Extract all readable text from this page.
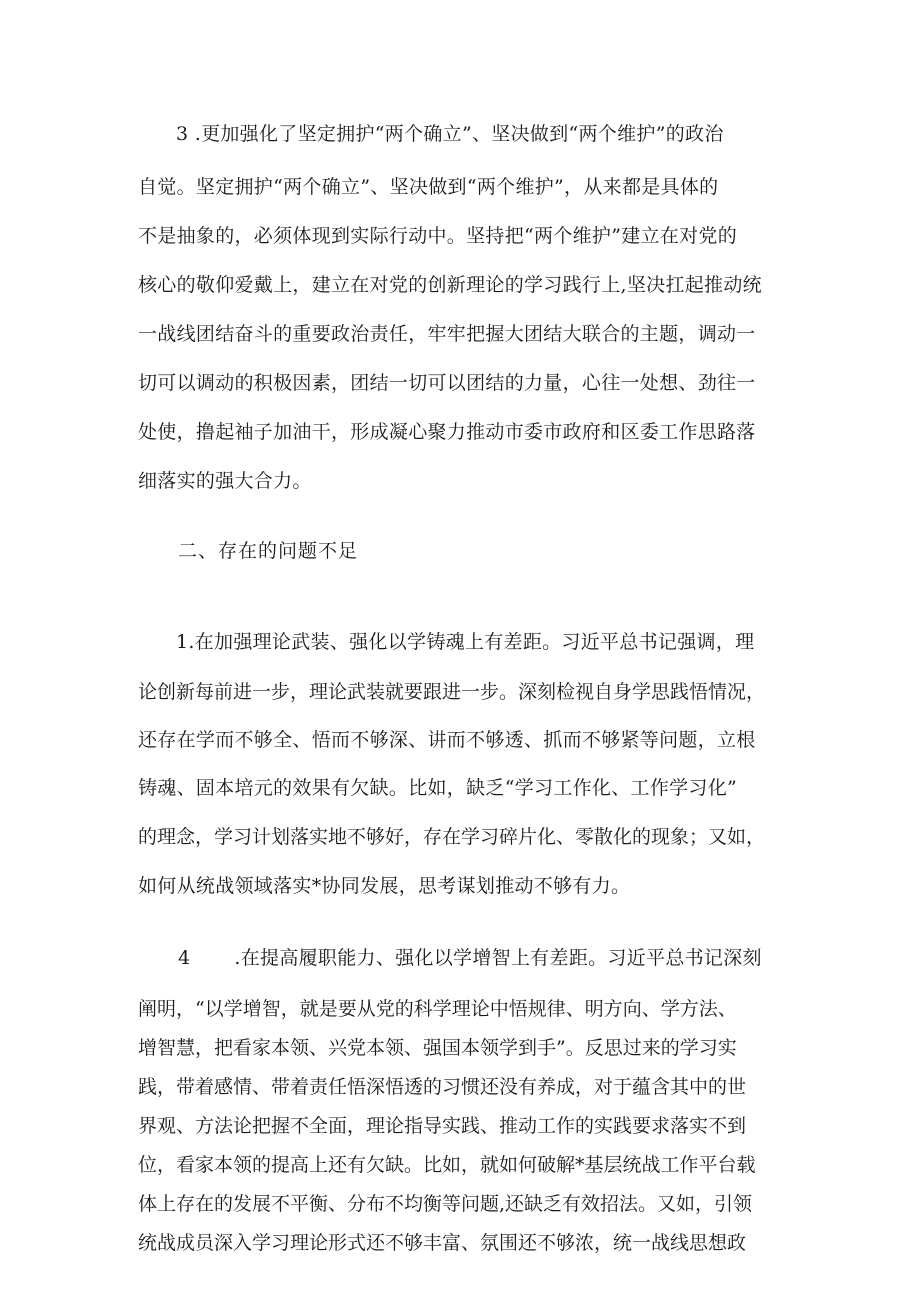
3 .更加强化了坚定拥护“两个确立”、坚决做到“两个维护”的政治
自觉。坚定拥护“两个确立”、坚决做到“两个维护”，从来都是具体的
不是抽象的，必须体现到实际行动中。坚持把“两个维护”建立在对党的
核心的敬仰爱戴上，建立在对党的创新理论的学习践行上,坚决扛起推动统
一战线团结奋斗的重要政治责任，牢牢把握大团结大联合的主题，调动一
切可以调动的积极因素，团结一切可以团结的力量，心往一处想、劲往一
处使，撸起袖子加油干，形成凝心聚力推动市委市政府和区委工作思路落
细落实的强大合力。
二、存在的问题不足
1.在加强理论武装、强化以学铸魂上有差距。习近平总书记强调，理
论创新每前进一步，理论武装就要跟进一步。深刻检视自身学思践悟情况，
还存在学而不够全、悟而不够深、讲而不够透、抓而不够紧等问题，立根
铸魂、固本培元的效果有欠缺。比如，缺乏“学习工作化、工作学习化”
的理念，学习计划落实地不够好，存在学习碎片化、零散化的现象；又如，
如何从统战领域落实*协同发展，思考谋划推动不够有力。
4 .在提高履职能力、强化以学增智上有差距。习近平总书记深刻
阐明，“以学增智，就是要从党的科学理论中悟规律、明方向、学方法、
增智慧，把看家本领、兴党本领、强国本领学到手”。反思过来的学习实
践，带着感情、带着责任悟深悟透的习惯还没有养成，对于蕴含其中的世
界观、方法论把握不全面，理论指导实践、推动工作的实践要求落实不到
位，看家本领的提高上还有欠缺。比如，就如何破解*基层统战工作平台载
体上存在的发展不平衡、分布不均衡等问题,还缺乏有效招法。又如，引领
统战成员深入学习理论形式还不够丰富、氛围还不够浓，统一战线思想政
